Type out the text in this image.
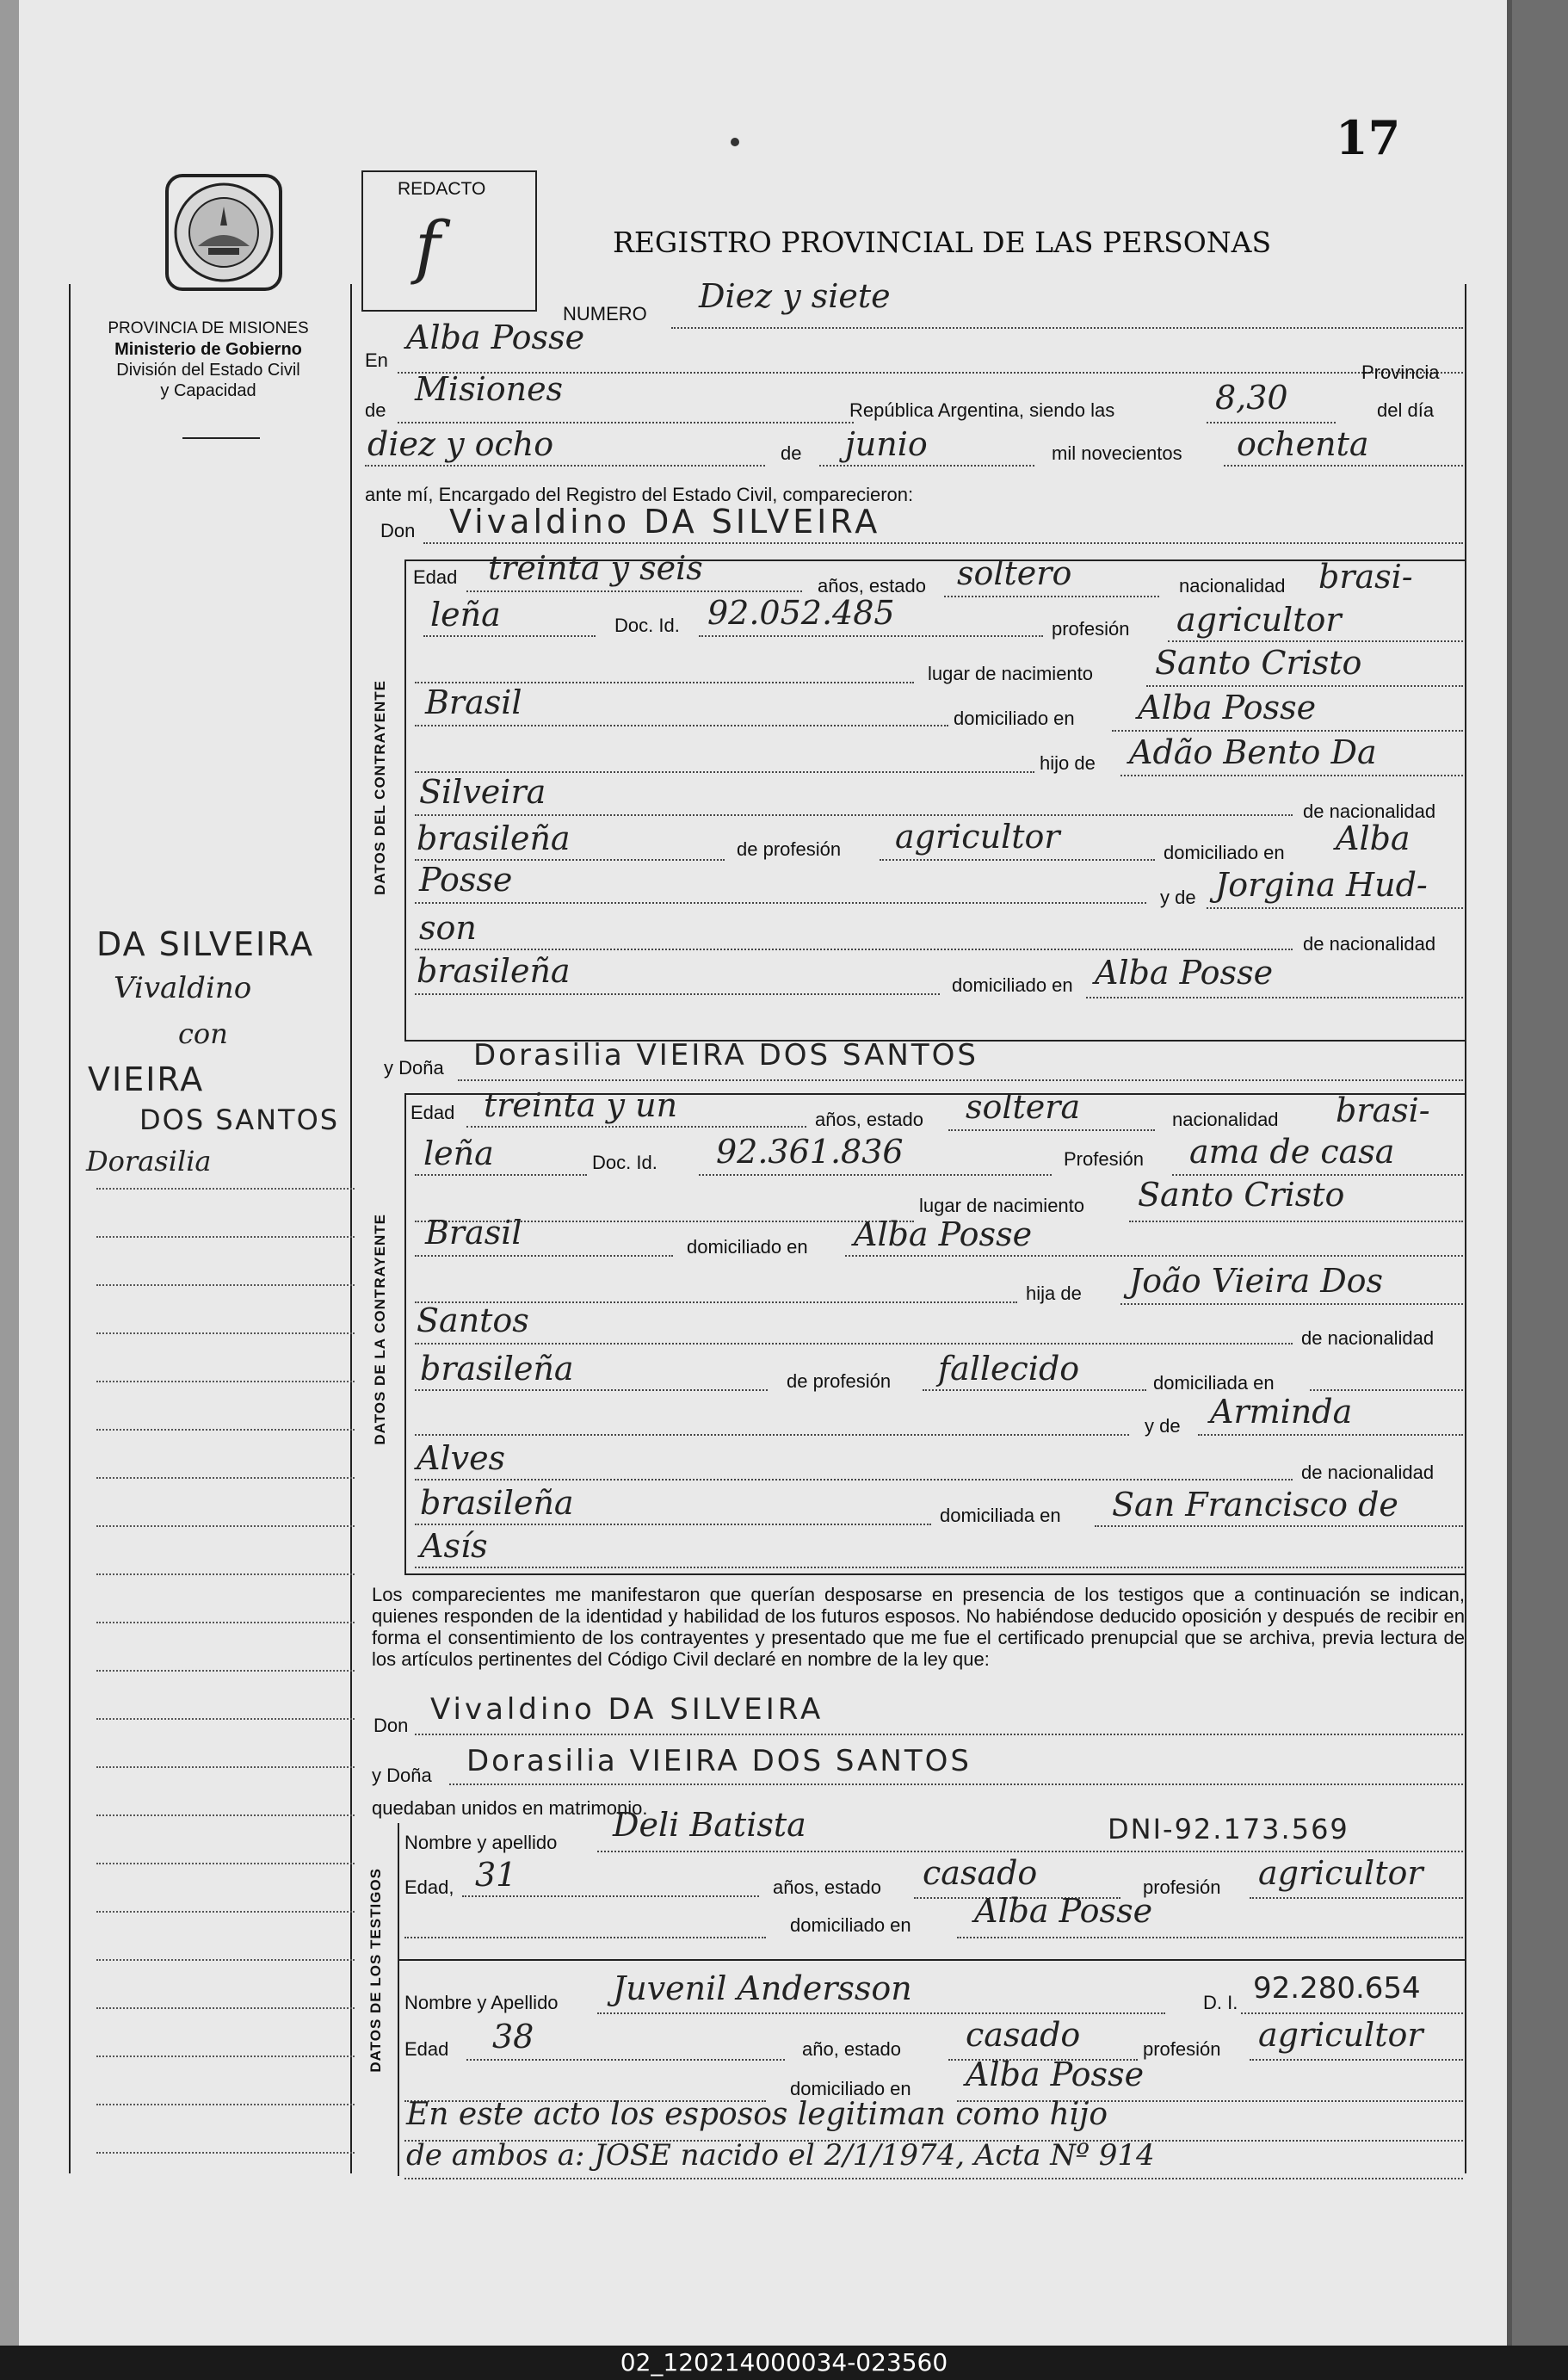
17
PROVINCIA DE MISIONES
Ministerio de Gobierno
División del Estado Civil
y Capacidad
REDACTO
f	REGISTRO PROVINCIAL DE LAS PERSONAS
DA SILVEIRA
Vivaldino
con
VIEIRA
DOS SANTOS
Dorasilia
NUMERO Diez y siete
En
Alba Posse
Provincia
de
Misiones
República Argentina, siendo las	8,30	del día
diez y ocho	de junio	mil novecientos ochenta
ante mí, Encargado del Registro del Estado Civil, comparecieron:
Don Vivaldino DA SILVEIRA
DATOS DEL CONTRAYENTE
Edad treinta y seis	años, estado soltero	nacionalidad brasi-
leña	Doc. Id. 92.052.485	profesión agricultor
lugar de nacimiento Santo Cristo
Brasil	domiciliado en Alba Posse
hijo de Adão Bento Da
Silveira
de nacionalidad
brasileña	de profesión agricultor	domiciliado en Alba
Posse	y de Jorgina Hud-
son	de nacionalidad
brasileña	domiciliado en Alba Posse
y Doña Dorasilia VIEIRA DOS SANTOS
DATOS DE LA CONTRAYENTE
Edad treinta y un	años, estado soltera	nacionalidad brasi-
leña	Doc. Id. 92.361.836	Profesión ama de casa
lugar de nacimiento Santo Cristo
Brasil	domiciliado en Alba Posse
hija de João Vieira Dos
Santos	de nacionalidad
brasileña	de profesión fallecido	domiciliada en
y de Arminda
Alves	de nacionalidad
brasileña	domiciliada en San Francisco de
Asís
Los comparecientes me manifestaron que querían desposarse en presencia de los testigos que a continuación se indican, quienes responden de la identidad y habilidad de los futuros esposos. No habiéndose deducido oposición y después de recibir en forma el consentimiento de los contrayentes y presentado que me fue el certificado prenupcial que se archiva, previa lectura de los artículos pertinentes del Código Civil declaré en nombre de la ley que:
Don Vivaldino DA SILVEIRA
y Doña Dorasilia VIEIRA DOS SANTOS
quedaban unidos en matrimonio.
DATOS DE LOS TESTIGOS
Nombre y apellido Deli Batista	DNI-92.173.569
Edad, 31	años, estado casado	profesión agricultor
domiciliado en Alba Posse
Nombre y Apellido Juvenil Andersson	D. I. 92.280.654
Edad 38	año, estado casado	profesión agricultor
domiciliado en Alba Posse
En este acto los esposos legitiman como hijo
de ambos a: JOSE nacido el 2/1/1974, Acta Nº 914
02_120214000034-023560
